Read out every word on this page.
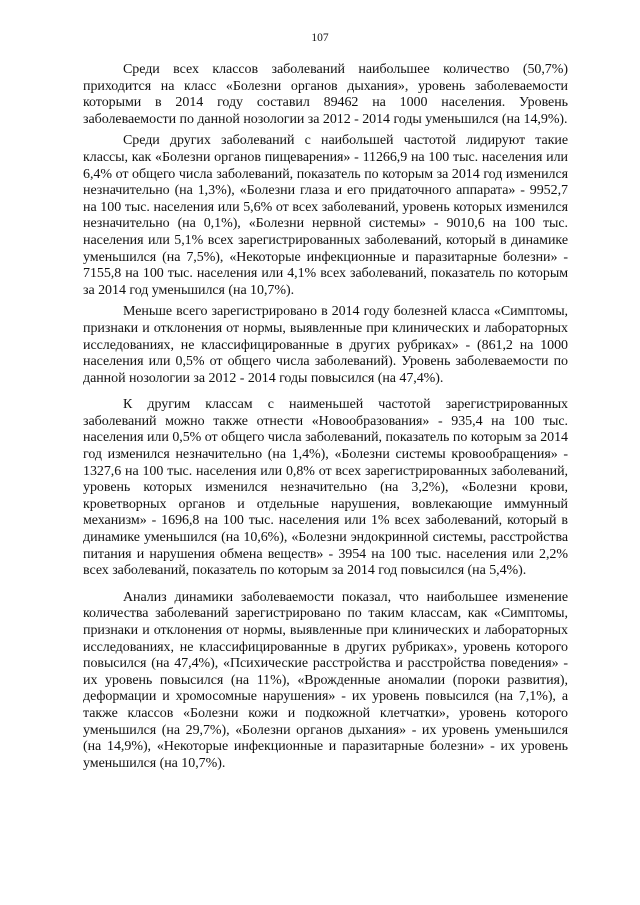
107

Среди всех классов заболеваний наибольшее количество (50,7%) приходится на класс «Болезни органов дыхания», уровень заболеваемости которыми в 2014 году составил 89462 на 1000 населения. Уровень заболеваемости по данной нозологии за 2012 - 2014 годы уменьшился (на 14,9%).

Среди других заболеваний с наибольшей частотой лидируют такие классы, как «Болезни органов пищеварения» - 11266,9 на 100 тыс. населения или 6,4% от общего числа заболеваний, показатель по которым за 2014 год изменился незначительно (на 1,3%), «Болезни глаза и его придаточного аппарата» - 9952,7 на 100 тыс. населения или 5,6% от всех заболеваний, уровень которых изменился незначительно (на 0,1%), «Болезни нервной системы» - 9010,6 на 100 тыс. населения или 5,1% всех зарегистрированных заболеваний, который в динамике уменьшился (на 7,5%), «Некоторые инфекционные и паразитарные болезни» - 7155,8 на 100 тыс. населения или 4,1% всех заболеваний, показатель по которым за 2014 год уменьшился (на 10,7%).

Меньше всего зарегистрировано в 2014 году болезней класса «Симптомы, признаки и отклонения от нормы, выявленные при клинических и лабораторных исследованиях, не классифицированные в других рубриках» - (861,2 на 1000 населения или 0,5% от общего числа заболеваний). Уровень заболеваемости по данной нозологии за 2012 - 2014 годы повысился (на 47,4%).

К другим классам с наименьшей частотой зарегистрированных заболеваний можно также отнести «Новообразования» - 935,4 на 100 тыс. населения или 0,5% от общего числа заболеваний, показатель по которым за 2014 год изменился незначительно (на 1,4%), «Болезни системы кровообращения» - 1327,6 на 100 тыс. населения или 0,8% от всех зарегистрированных заболеваний, уровень которых изменился незначительно (на 3,2%), «Болезни крови, кроветворных органов и отдельные нарушения, вовлекающие иммунный механизм» - 1696,8 на 100 тыс. населения или 1% всех заболеваний, который в динамике уменьшился (на 10,6%), «Болезни эндокринной системы, расстройства питания и нарушения обмена веществ» - 3954 на 100 тыс. населения или 2,2% всех заболеваний, показатель по которым за 2014 год повысился (на 5,4%).

Анализ динамики заболеваемости показал, что наибольшее изменение количества заболеваний зарегистрировано по таким классам, как «Симптомы, признаки и отклонения от нормы, выявленные при клинических и лабораторных исследованиях, не классифицированные в других рубриках», уровень которого повысился (на 47,4%), «Психические расстройства и расстройства поведения» - их уровень повысился (на 11%), «Врожденные аномалии (пороки развития), деформации и хромосомные нарушения» - их уровень повысился (на 7,1%), а также классов «Болезни кожи и подкожной клетчатки», уровень которого уменьшился (на 29,7%), «Болезни органов дыхания» - их уровень уменьшился (на 14,9%), «Некоторые инфекционные и паразитарные болезни» - их уровень уменьшился (на 10,7%).
